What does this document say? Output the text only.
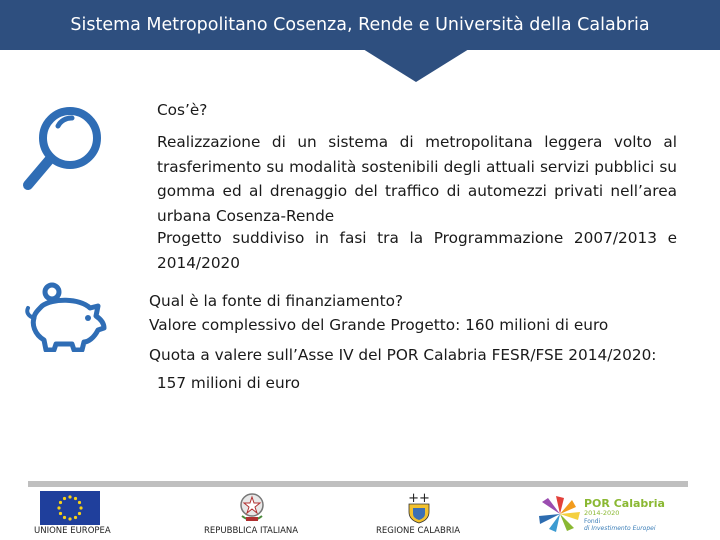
Sistema Metropolitano Cosenza, Rende e Università della Calabria
Cos’è?
Realizzazione di un sistema di metropolitana leggera volto al trasferimento su modalità sostenibili degli attuali servizi pubblici su gomma ed al drenaggio del traffico di automezzi privati nell’area urbana Cosenza-Rende
Progetto suddiviso in fasi tra la Programmazione 2007/2013 e 2014/2020
Qual è la fonte di finanziamento?
Valore complessivo del Grande Progetto: 160 milioni di euro
Quota a valere sull’Asse IV del POR Calabria FESR/FSE 2014/2020:
157 milioni di euro
UNIONE EUROPEA	REPUBBLICA ITALIANA
++
REGIONE CALABRIA
POR Calabria
2014-2020
Fondi
di Investimento Europei
